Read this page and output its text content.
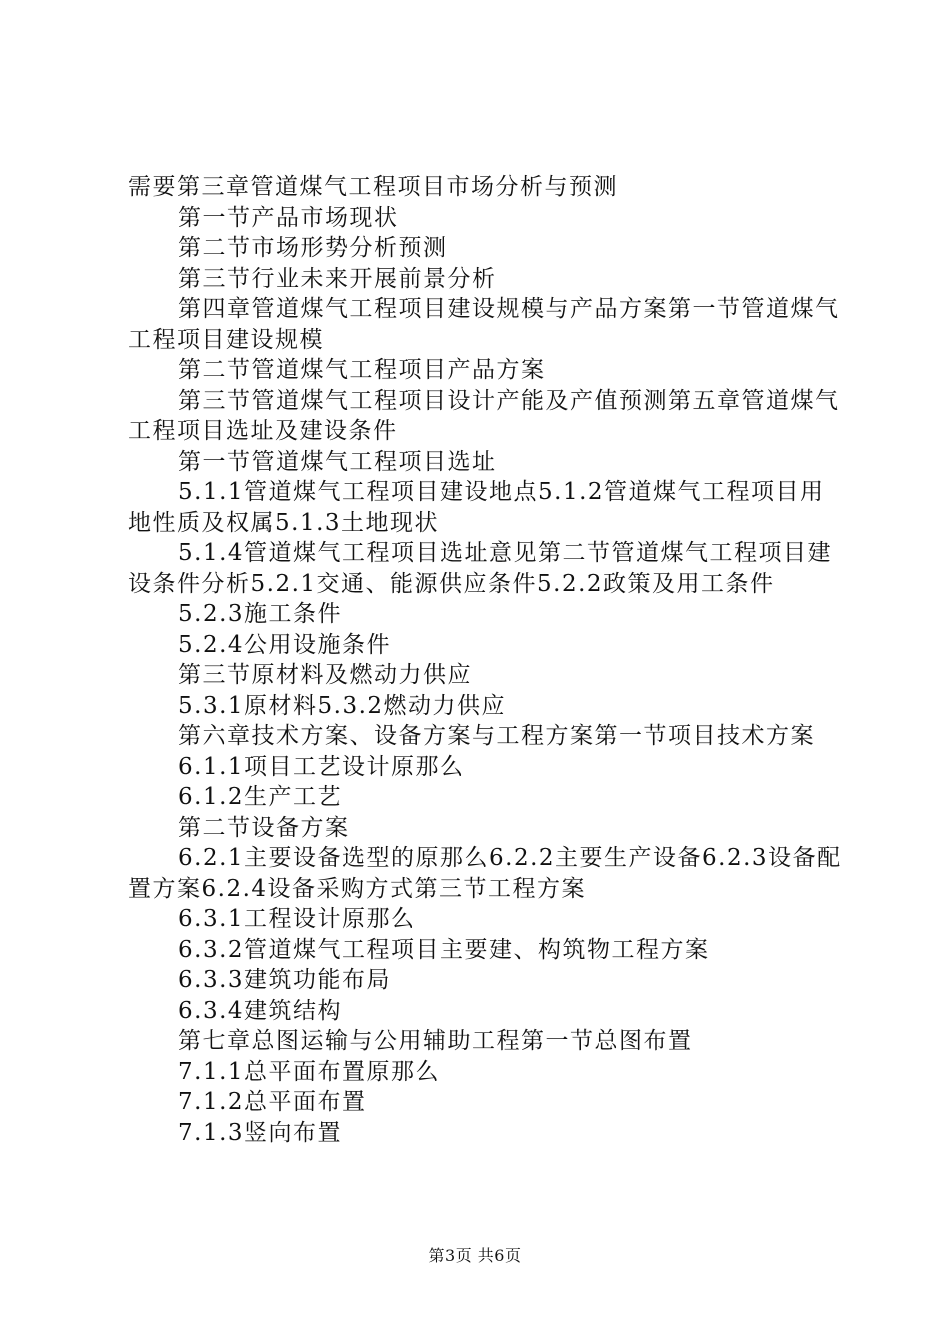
需要第三章管道煤气工程项目市场分析与预测

第一节产品市场现状

第二节市场形势分析预测

第三节行业未来开展前景分析

第四章管道煤气工程项目建设规模与产品方案第一节管道煤气工程项目建设规模

第二节管道煤气工程项目产品方案

第三节管道煤气工程项目设计产能及产值预测第五章管道煤气工程项目选址及建设条件

第一节管道煤气工程项目选址

5.1.1管道煤气工程项目建设地点5.1.2管道煤气工程项目用地性质及权属5.1.3土地现状

5.1.4管道煤气工程项目选址意见第二节管道煤气工程项目建设条件分析5.2.1交通、能源供应条件5.2.2政策及用工条件

5.2.3施工条件

5.2.4公用设施条件

第三节原材料及燃动力供应

5.3.1原材料5.3.2燃动力供应

第六章技术方案、设备方案与工程方案第一节项目技术方案

6.1.1项目工艺设计原那么

6.1.2生产工艺

第二节设备方案

6.2.1主要设备选型的原那么6.2.2主要生产设备6.2.3设备配置方案6.2.4设备采购方式第三节工程方案

6.3.1工程设计原那么

6.3.2管道煤气工程项目主要建、构筑物工程方案

6.3.3建筑功能布局

6.3.4建筑结构

第七章总图运输与公用辅助工程第一节总图布置

7.1.1总平面布置原那么

7.1.2总平面布置

7.1.3竖向布置

第3页 共6页
